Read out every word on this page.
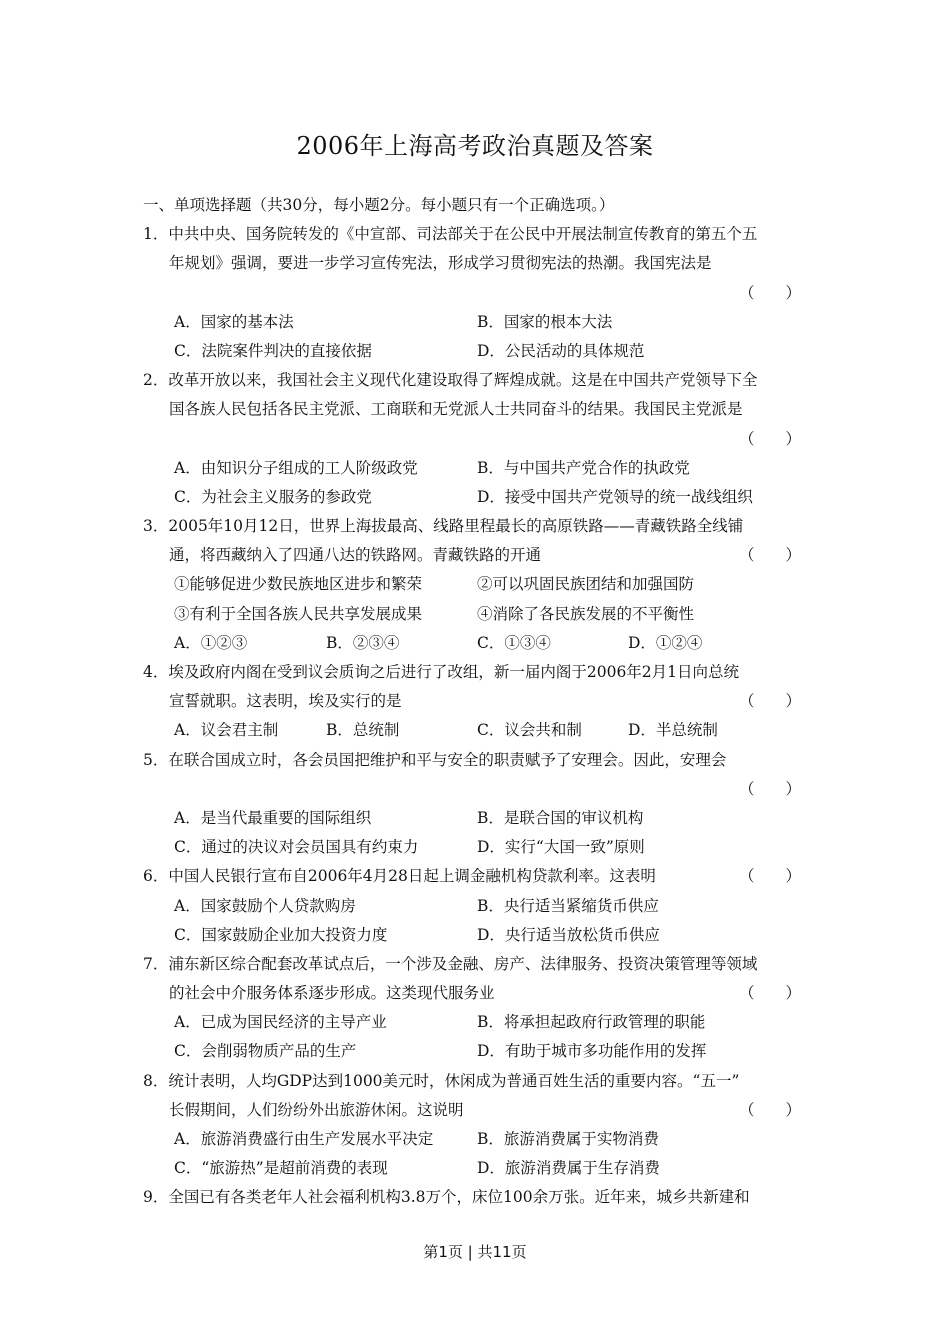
2006年上海高考政治真题及答案
一、单项选择题（共30分，每小题2分。每小题只有一个正确选项。）
1．中共中央、国务院转发的《中宣部、司法部关于在公民中开展法制宣传教育的第五个五
年规划》强调，要进一步学习宣传宪法，形成学习贯彻宪法的热潮。我国宪法是
（　　）
A．国家的基本法	B．国家的根本大法
C．法院案件判决的直接依据	D．公民活动的具体规范
2．改革开放以来，我国社会主义现代化建设取得了辉煌成就。这是在中国共产党领导下全
国各族人民包括各民主党派、工商联和无党派人士共同奋斗的结果。我国民主党派是
（　　）
A．由知识分子组成的工人阶级政党	B．与中国共产党合作的执政党
C．为社会主义服务的参政党	D．接受中国共产党领导的统一战线组织
3．2005年10月12日，世界上海拔最高、线路里程最长的高原铁路——青藏铁路全线铺
通，将西藏纳入了四通八达的铁路网。青藏铁路的开通	（　　）
①能够促进少数民族地区进步和繁荣	②可以巩固民族团结和加强国防
③有利于全国各族人民共享发展成果	④消除了各民族发展的不平衡性
A．①②③	B．②③④	C．①③④	D．①②④
4．埃及政府内阁在受到议会质询之后进行了改组，新一届内阁于2006年2月1日向总统
宣誓就职。这表明，埃及实行的是	（　　）
A．议会君主制	B．总统制	C．议会共和制	D．半总统制
5．在联合国成立时，各会员国把维护和平与安全的职责赋予了安理会。因此，安理会
（　　）
A．是当代最重要的国际组织	B．是联合国的审议机构
C．通过的决议对会员国具有约束力	D．实行“大国一致”原则
6．中国人民银行宣布自2006年4月28日起上调金融机构贷款利率。这表明	（　　）
A．国家鼓励个人贷款购房	B．央行适当紧缩货币供应
C．国家鼓励企业加大投资力度	D．央行适当放松货币供应
7．浦东新区综合配套改革试点后，一个涉及金融、房产、法律服务、投资决策管理等领域
的社会中介服务体系逐步形成。这类现代服务业	（　　）
A．已成为国民经济的主导产业	B．将承担起政府行政管理的职能
C．会削弱物质产品的生产	D．有助于城市多功能作用的发挥
8．统计表明，人均GDP达到1000美元时，休闲成为普通百姓生活的重要内容。“五一”
长假期间，人们纷纷外出旅游休闲。这说明	（　　）
A．旅游消费盛行由生产发展水平决定	B．旅游消费属于实物消费
C．“旅游热”是超前消费的表现	D．旅游消费属于生存消费
9．全国已有各类老年人社会福利机构3.8万个，床位100余万张。近年来，城乡共新建和
第1页 | 共11页
